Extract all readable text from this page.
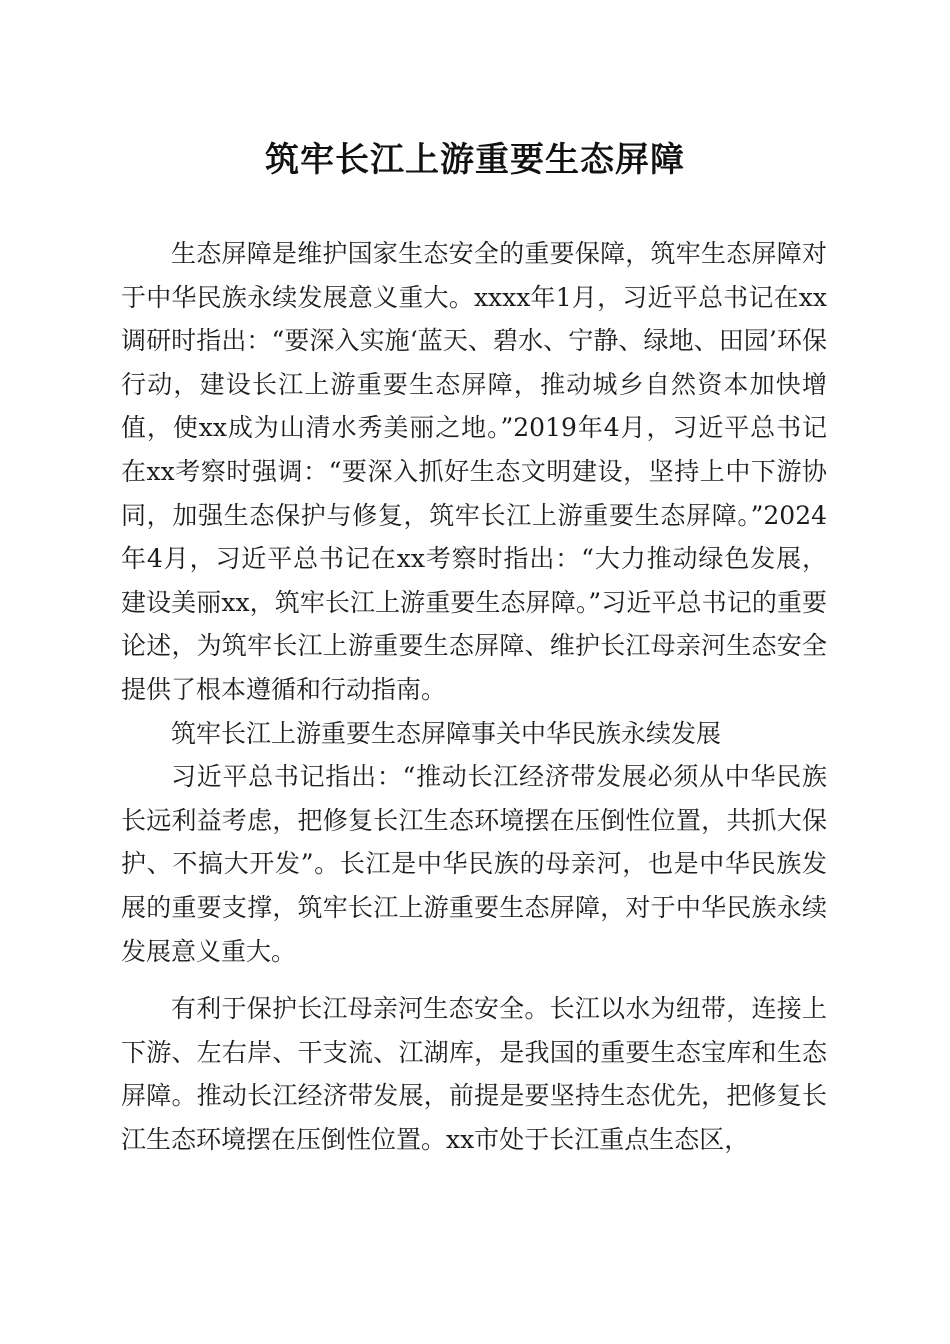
筑牢长江上游重要生态屏障

生态屏障是维护国家生态安全的重要保障，筑牢生态屏障对于中华民族永续发展意义重大。xxxx年1月，习近平总书记在xx调研时指出：“要深入实施‘蓝天、碧水、宁静、绿地、田园’环保行动，建设长江上游重要生态屏障，推动城乡自然资本加快增值，使xx成为山清水秀美丽之地。”2019年4月，习近平总书记在xx考察时强调：“要深入抓好生态文明建设，坚持上中下游协同，加强生态保护与修复，筑牢长江上游重要生态屏障。”2024年4月，习近平总书记在xx考察时指出：“大力推动绿色发展，建设美丽xx，筑牢长江上游重要生态屏障。”习近平总书记的重要论述，为筑牢长江上游重要生态屏障、维护长江母亲河生态安全提供了根本遵循和行动指南。

筑牢长江上游重要生态屏障事关中华民族永续发展

习近平总书记指出：“推动长江经济带发展必须从中华民族长远利益考虑，把修复长江生态环境摆在压倒性位置，共抓大保护、不搞大开发”。长江是中华民族的母亲河，也是中华民族发展的重要支撑，筑牢长江上游重要生态屏障，对于中华民族永续发展意义重大。

有利于保护长江母亲河生态安全。长江以水为纽带，连接上下游、左右岸、干支流、江湖库，是我国的重要生态宝库和生态屏障。推动长江经济带发展，前提是要坚持生态优先，把修复长江生态环境摆在压倒性位置。xx市处于长江重点生态区，
